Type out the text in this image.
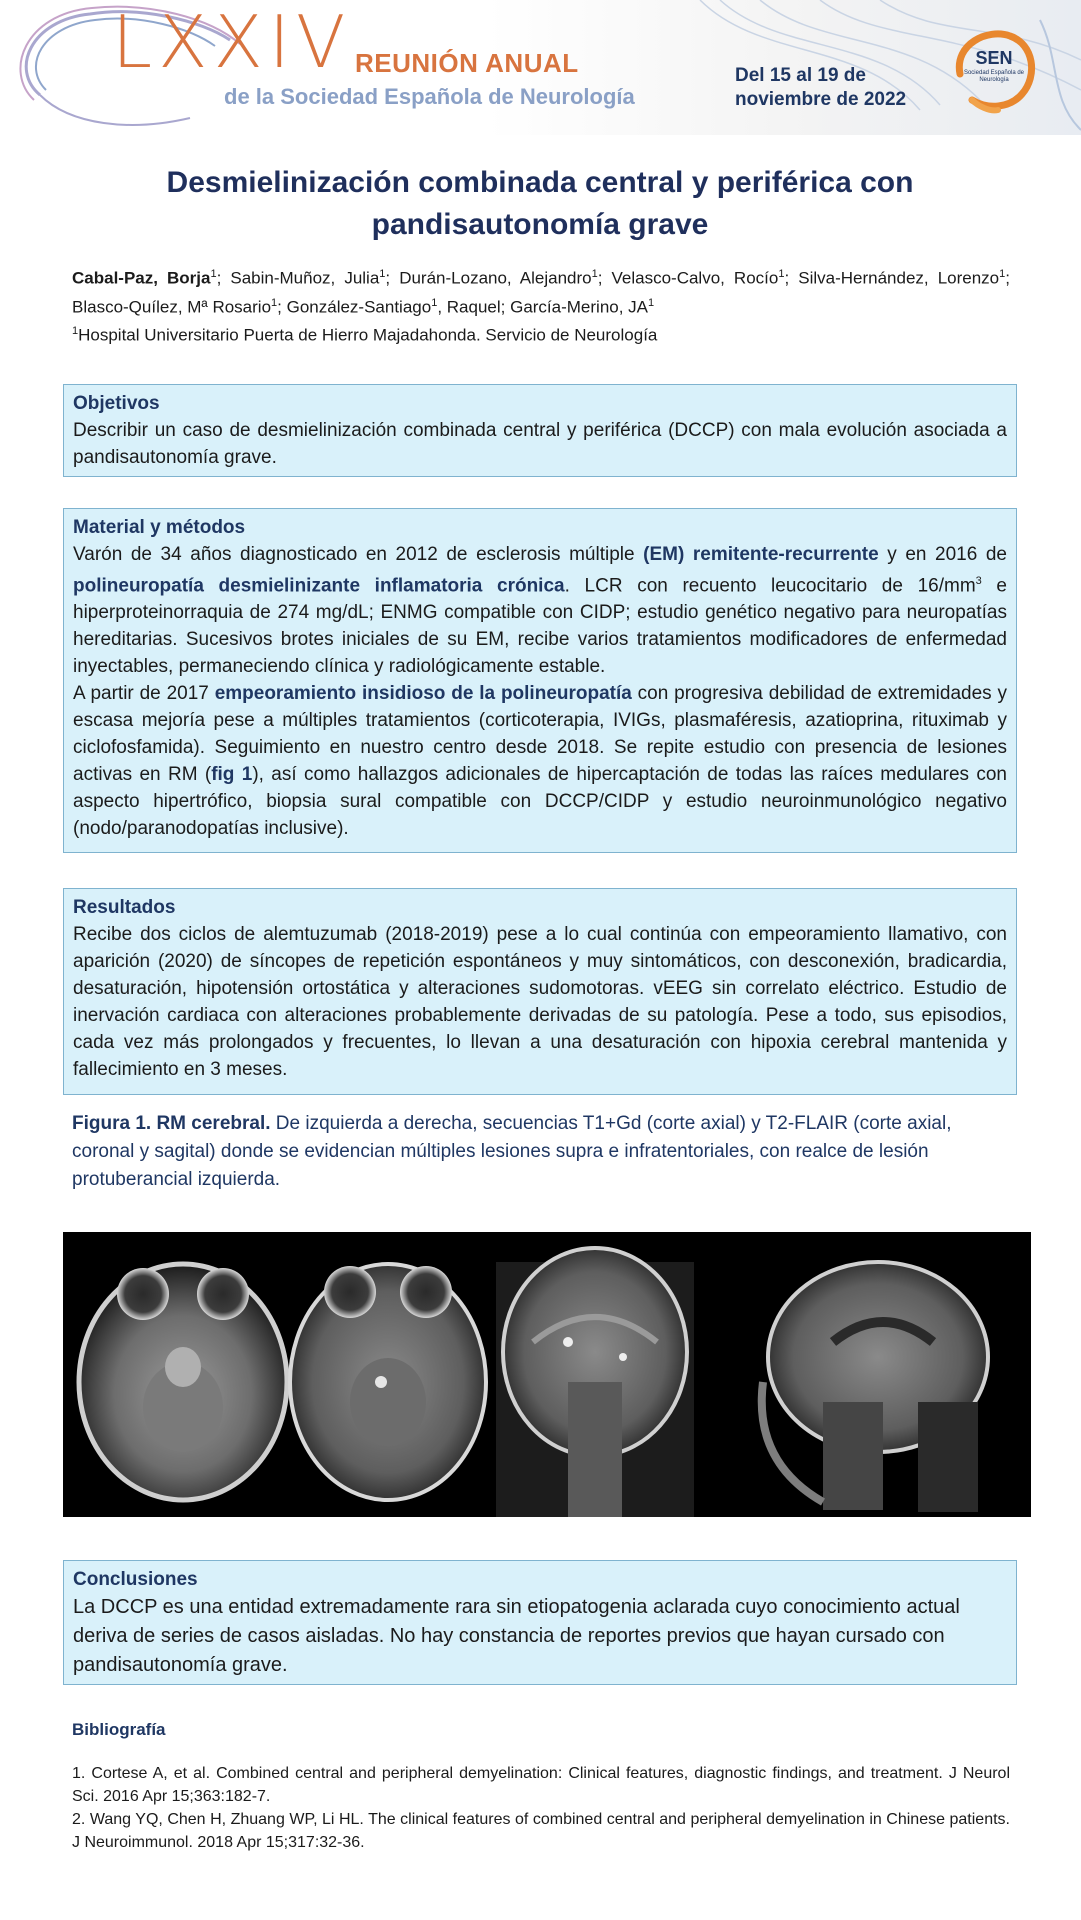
LXXIV REUNIÓN ANUAL
de la Sociedad Española de Neurología
Del 15 al 19 de
noviembre de 2022
SEN
Sociedad Española de Neurología
Desmielinización combinada central y periférica con
pandisautonomía grave
Cabal-Paz, Borja$^1$; Sabin-Muñoz, Julia$^1$; Durán-Lozano, Alejandro$^1$; Velasco-Calvo, Rocío$^1$; Silva-Hernández, Lorenzo$^1$; Blasco-Quílez, Mª Rosario$^1$; González-Santiago$^1$, Raquel; García-Merino, $JA^1$
$^1$Hospital Universitario Puerta de Hierro Majadahonda. Servicio de Neurología
Objetivos

Describir un caso de desmielinización combinada central y periférica (DCCP) con mala evolución asociada a pandisautonomía grave.

Material y métodos

Varón de 34 años diagnosticado en 2012 de esclerosis múltiple (EM) remitente-recurrente y en 2016 de polineuropatía desmielinizante inflamatoria crónica. LCR con recuento leucocitario de $16/mm^3$ e hiperproteinorraquia de 274 mg/dL; ENMG compatible con CIDP; estudio genético negativo para neuropatías hereditarias. Sucesivos brotes iniciales de su EM, recibe varios tratamientos modificadores de enfermedad inyectables, permaneciendo clínica y radiológicamente estable.

A partir de 2017 empeoramiento insidioso de la polineuropatía con progresiva debilidad de extremidades y escasa mejoría pese a múltiples tratamientos (corticoterapia, IVIGs, plasmaféresis, azatioprina, rituximab y ciclofosfamida). Seguimiento en nuestro centro desde 2018. Se repite estudio con presencia de lesiones activas en RM (fig 1), así como hallazgos adicionales de hipercaptación de todas las raíces medulares con aspecto hipertrófico, biopsia sural compatible con DCCP/CIDP y estudio neuroinmunológico negativo (nodo/paranodopatías inclusive).

Resultados

Recibe dos ciclos de alemtuzumab (2018-2019) pese a lo cual continúa con empeoramiento llamativo, con aparición (2020) de síncopes de repetición espontáneos y muy sintomáticos, con desconexión, bradicardia, desaturación, hipotensión ortostática y alteraciones sudomotoras. vEEG sin correlato eléctrico. Estudio de inervación cardiaca con alteraciones probablemente derivadas de su patología. Pese a todo, sus episodios, cada vez más prolongados y frecuentes, lo llevan a una desaturación con hipoxia cerebral mantenida y fallecimiento en 3 meses.

Figura 1. RM cerebral. De izquierda a derecha, secuencias T1+Gd (corte axial) y T2-FLAIR (corte axial, coronal y sagital) donde se evidencian múltiples lesiones supra e infratentoriales, con realce de lesión protuberancial izquierda.
Conclusiones

La DCCP es una entidad extremadamente rara sin etiopatogenia aclarada cuyo conocimiento actual deriva de series de casos aisladas. No hay constancia de reportes previos que hayan cursado con pandisautonomía grave.

Bibliografía

1. Cortese A, et al. Combined central and peripheral demyelination: Clinical features, diagnostic findings, and treatment. J Neurol Sci. 2016 Apr 15;363:182-7.

2. Wang YQ, Chen H, Zhuang WP, Li HL. The clinical features of combined central and peripheral demyelination in Chinese patients. J Neuroimmunol. 2018 Apr 15;317:32-36.
